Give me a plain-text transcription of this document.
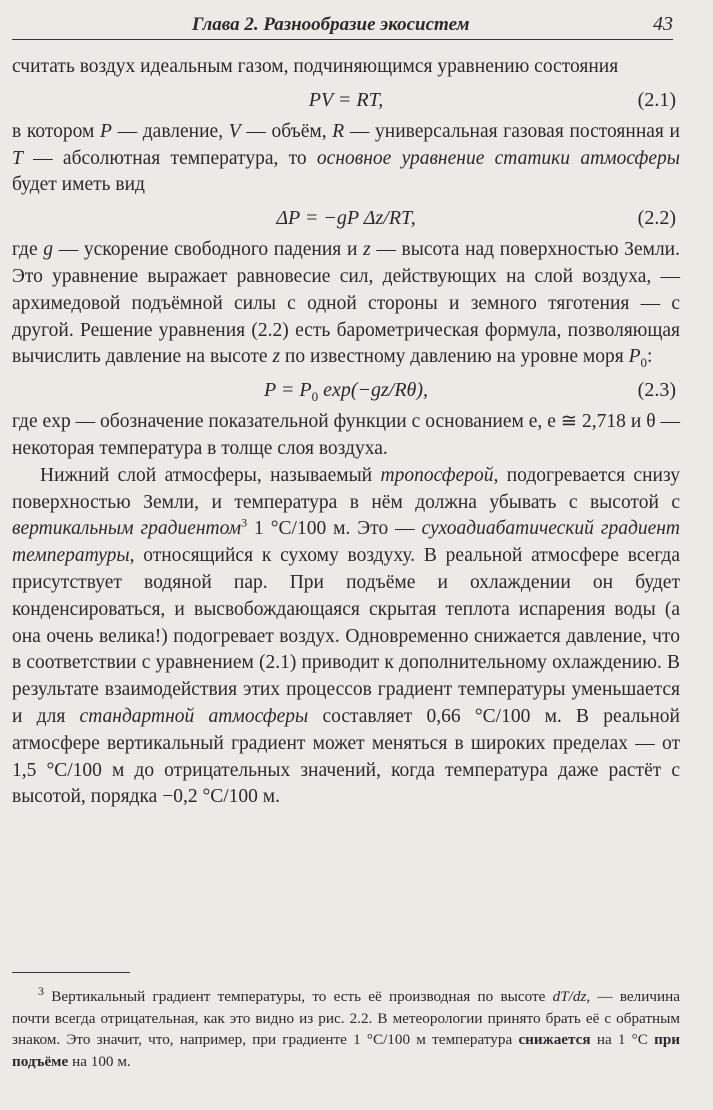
Глава 2. Разнообразие экосистем	43

считать воздух идеальным газом, подчиняющимся уравнению состояния

PV = RT,	(2.1)

в котором P — давление, V — объём, R — универсальная газовая постоянная и T — абсолютная температура, то основное уравнение статики атмосферы будет иметь вид

ΔP = −gP Δz/RT,	(2.2)

где g — ускорение свободного падения и z — высота над поверхностью Земли. Это уравнение выражает равновесие сил, действующих на слой воздуха, — архимедовой подъёмной силы с одной стороны и земного тяготения — с другой. Решение уравнения (2.2) есть барометрическая формула, позволяющая вычислить давление на высоте z по известному давлению на уровне моря $P_0$:

$P = P_0$ exp(−gz/Rθ),	(2.3)

где exp — обозначение показательной функции с основанием е, е ≅ 2,718 и θ — некоторая температура в толще слоя воздуха.

Нижний слой атмосферы, называемый тропосферой, подогревается снизу поверхностью Земли, и температура в нём должна убывать с высотой с вертикальным градиентом$^3$ 1 °C/100 м. Это — сухоадиабатический градиент температуры, относящийся к сухому воздуху. В реальной атмосфере всегда присутствует водяной пар. При подъёме и охлаждении он будет конденсироваться, и высвобождающаяся скрытая теплота испарения воды (а она очень велика!) подогревает воздух. Одновременно снижается давление, что в соответствии с уравнением (2.1) приводит к дополнительному охлаждению. В результате взаимодействия этих процессов градиент температуры уменьшается и для стандартной атмосферы составляет 0,66 °C/100 м. В реальной атмосфере вертикальный градиент может меняться в широких пределах — от 1,5 °C/100 м до отрицательных значений, когда температура даже растёт с высотой, порядка −0,2 °C/100 м.

$^3$ Вертикальный градиент температуры, то есть её производная по высоте dT/dz, — величина почти всегда отрицательная, как это видно из рис. 2.2. В метеорологии принято брать её с обратным знаком. Это значит, что, например, при градиенте 1 °C/100 м температура снижается на 1 °C при подъёме на 100 м.
